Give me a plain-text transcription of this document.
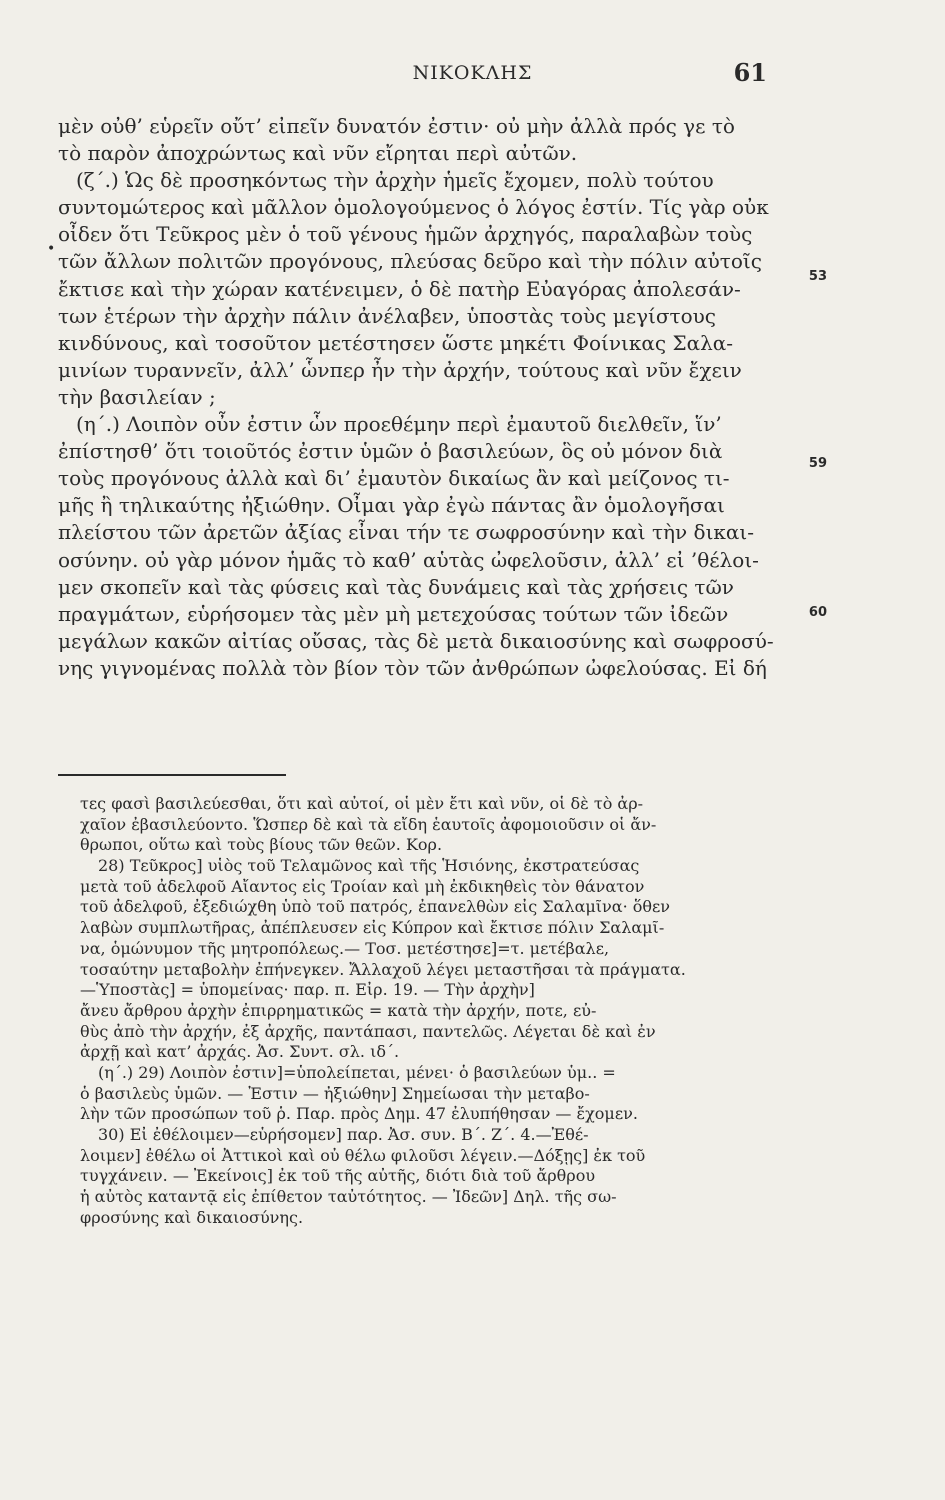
ΝΙΚΟΚΛΗΣ	61
•
53
59
60
μὲν οὐθ’ εὑρεῖν οὔτ’ εἰπεῖν δυνατόν ἐστιν· οὐ μὴν ἀλλὰ πρός γε τὸ
τὸ παρὸν ἀποχρώντως καὶ νῦν εἴρηται περὶ αὐτῶν.
(ζ΄.) Ὡς δὲ προσηκόντως τὴν ἀρχὴν ἡμεῖς ἔχομεν, πολὺ τούτου
συντομώτερος καὶ μᾶλλον ὁμολογούμενος ὁ λόγος ἐστίν. Τίς γὰρ οὐκ
οἶδεν ὅτι Τεῦκρος μὲν ὁ τοῦ γένους ἡμῶν ἀρχηγός, παραλαβὼν τοὺς
τῶν ἄλλων πολιτῶν προγόνους, πλεύσας δεῦρο καὶ τὴν πόλιν αὐτοῖς
ἔκτισε καὶ τὴν χώραν κατένειμεν, ὁ δὲ πατὴρ Εὐαγόρας ἀπολεσάν-
των ἑτέρων τὴν ἀρχὴν πάλιν ἀνέλαβεν, ὑποστὰς τοὺς μεγίστους
κινδύνους, καὶ τοσοῦτον μετέστησεν ὥστε μηκέτι Φοίνικας Σαλα-
μινίων τυραννεῖν, ἀλλ’ ὧνπερ ἦν τὴν ἀρχήν, τούτους καὶ νῦν ἔχειν
τὴν βασιλείαν ;
(η΄.) Λοιπὸν οὖν ἐστιν ὧν προεθέμην περὶ ἐμαυτοῦ διελθεῖν, ἵν’
ἐπίστησθ’ ὅτι τοιοῦτός ἐστιν ὑμῶν ὁ βασιλεύων, ὃς οὐ μόνον διὰ
τοὺς προγόνους ἀλλὰ καὶ δι’ ἐμαυτὸν δικαίως ἂν καὶ μείζονος τι-
μῆς ἢ τηλικαύτης ἠξιώθην. Οἶμαι γὰρ ἐγὼ πάντας ἂν ὁμολογῆσαι
πλείστου τῶν ἀρετῶν ἀξίας εἶναι τήν τε σωφροσύνην καὶ τὴν δικαι-
οσύνην. οὐ γὰρ μόνον ἡμᾶς τὸ καθ’ αὑτὰς ὠφελοῦσιν, ἀλλ’ εἰ ’θέλοι-
μεν σκοπεῖν καὶ τὰς φύσεις καὶ τὰς δυνάμεις καὶ τὰς χρήσεις τῶν
πραγμάτων, εὑρήσομεν τὰς μὲν μὴ μετεχούσας τούτων τῶν ἰδεῶν
μεγάλων κακῶν αἰτίας οὔσας, τὰς δὲ μετὰ δικαιοσύνης καὶ σωφροσύ-
νης γιγνομένας πολλὰ τὸν βίον τὸν τῶν ἀνθρώπων ὠφελούσας. Εἰ δή
τες φασὶ βασιλεύεσθαι, ὅτι καὶ αὐτοί, οἱ μὲν ἔτι καὶ νῦν, οἱ δὲ τὸ ἀρ-
χαῖον ἐβασιλεύοντο. Ὥσπερ δὲ καὶ τὰ εἴδη ἑαυτοῖς ἀφομοιοῦσιν οἱ ἄν-
θρωποι, οὕτω καὶ τοὺς βίους τῶν θεῶν. Κορ.
28) Τεῦκρος] υἱὸς τοῦ Τελαμῶνος καὶ τῆς Ἡσιόνης, ἐκστρατεύσας
μετὰ τοῦ ἀδελφοῦ Αἴαντος εἰς Τροίαν καὶ μὴ ἐκδικηθεὶς τὸν θάνατον
τοῦ ἀδελφοῦ, ἐξεδιώχθη ὑπὸ τοῦ πατρός, ἐπανελθὼν εἰς Σαλαμῖνα· ὅθεν
λαβὼν συμπλωτῆρας, ἀπέπλευσεν εἰς Κύπρον καὶ ἔκτισε πόλιν Σαλαμῖ-
να, ὁμώνυμον τῆς μητροπόλεως.— Τοσ. μετέστησε]=τ. μετέβαλε,
τοσαύτην μεταβολὴν ἐπήνεγκεν. Ἄλλαχοῦ λέγει μεταστῆσαι τὰ πράγματα.
—Ὑποστὰς] = ὑπομείνας· παρ. π. Εἰρ. 19. — Τὴν ἀρχὴν]
ἄνευ ἄρθρου ἀρχὴν ἐπιρρηματικῶς = κατὰ τὴν ἀρχήν, ποτε, εὐ-
θὺς ἀπὸ τὴν ἀρχήν, ἐξ ἀρχῆς, παντάπασι, παντελῶς. Λέγεται δὲ καὶ ἐν
ἀρχῇ καὶ κατ’ ἀρχάς. Ἀσ. Συντ. σλ. ιδ΄.
(η΄.) 29) Λοιπὸν ἐστιν]=ὑπολείπεται, μένει· ὁ βασιλεύων ὑμ.. =
ὁ βασιλεὺς ὑμῶν. — Ἐστιν — ἠξιώθην] Σημείωσαι τὴν μεταβο-
λὴν τῶν προσώπων τοῦ ῥ. Παρ. πρὸς Δημ. 47 ἐλυπήθησαν — ἔχομεν.
30) Εἰ ἐθέλοιμεν—εὑρήσομεν] παρ. Ἀσ. συν. Β΄. Ζ΄. 4.—Ἐθέ-
λοιμεν] ἐθέλω οἱ Ἀττικοὶ καὶ οὐ θέλω φιλοῦσι λέγειν.—Δόξῃς] ἐκ τοῦ
τυγχάνειν. — Ἐκείνοις] ἐκ τοῦ τῆς αὐτῆς, διότι διὰ τοῦ ἄρθρου
ἡ αὐτὸς καταντᾷ εἰς ἐπίθετον ταὐτότητος. — Ἰδεῶν] Δηλ. τῆς σω-
φροσύνης καὶ δικαιοσύνης.
